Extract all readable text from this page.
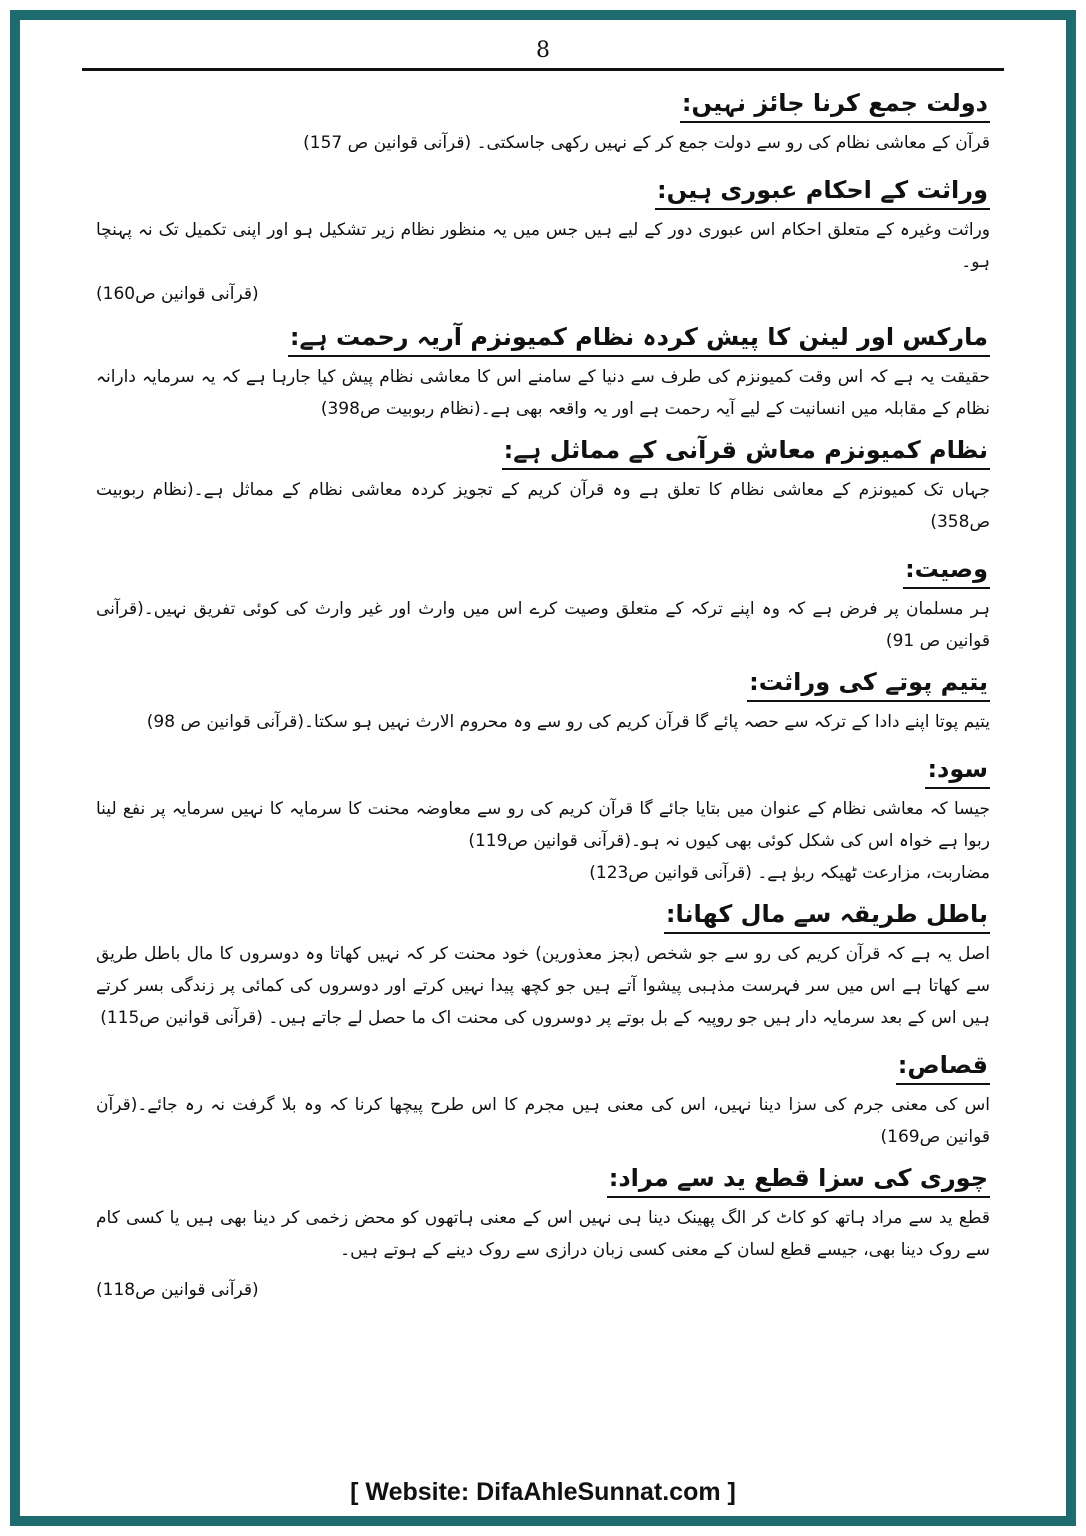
8
دولت جمع کرنا جائز نہیں:

قرآن کے معاشی نظام کی رو سے دولت جمع کر کے نہیں رکھی جاسکتی۔ (قرآنی قوانین ص 157)

وراثت کے احکام عبوری ہیں:

وراثت وغیرہ کے متعلق احکام اس عبوری دور کے لیے ہیں جس میں یہ منظور نظام زیر تشکیل ہو اور اپنی تکمیل تک نہ پہنچا ہو۔

(قرآنی قوانین ص160)

مارکس اور لینن کا پیش کردہ نظام کمیونزم آریہ رحمت ہے:

حقیقت یہ ہے کہ اس وقت کمیونزم کی طرف سے دنیا کے سامنے اس کا معاشی نظام پیش کیا جارہا ہے کہ یہ سرمایہ دارانہ نظام کے مقابلہ میں انسانیت کے لیے آیہ رحمت ہے اور یہ واقعہ بھی ہے۔(نظام ربوبیت ص398)

نظام کمیونزم معاش قرآنی کے مماثل ہے:

جہاں تک کمیونزم کے معاشی نظام کا تعلق ہے وہ قرآن کریم کے تجویز کردہ معاشی نظام کے مماثل ہے۔(نظام ربوبیت ص358)

وصیت:

ہر مسلمان پر فرض ہے کہ وہ اپنے ترکہ کے متعلق وصیت کرے اس میں وارث اور غیر وارث کی کوئی تفریق نہیں۔(قرآنی قوانین ص 91)

یتیم پوتے کی وراثت:

یتیم پوتا اپنے دادا کے ترکہ سے حصہ پائے گا قرآن کریم کی رو سے وہ محروم الارث نہیں ہو سکتا۔(قرآنی قوانین ص 98)

سود:

جیسا کہ معاشی نظام کے عنوان میں بتایا جائے گا قرآن کریم کی رو سے معاوضہ محنت کا سرمایہ کا نہیں سرمایہ پر نفع لینا ربوا ہے خواہ اس کی شکل کوئی بھی کیوں نہ ہو۔(قرآنی قوانین ص119)

مضاربت، مزارعت ٹھیکہ ربوٰ ہے۔ (قرآنی قوانین ص123)

باطل طریقہ سے مال کھانا:

اصل یہ ہے کہ قرآن کریم کی رو سے جو شخص (بجز معذورین) خود محنت کر کہ نہیں کھاتا وہ دوسروں کا مال باطل طریق سے کھاتا ہے اس میں سر فہرست مذہبی پیشوا آتے ہیں جو کچھ پیدا نہیں کرتے اور دوسروں کی کمائی پر زندگی بسر کرتے ہیں اس کے بعد سرمایہ دار ہیں جو روپیہ کے بل بوتے پر دوسروں کی محنت اک ما حصل لے جاتے ہیں۔ (قرآنی قوانین ص115)

قصاص:

اس کی معنی جرم کی سزا دینا نہیں، اس کی معنی ہیں مجرم کا اس طرح پیچھا کرنا کہ وہ بلا گرفت نہ رہ جائے۔(قرآن قوانین ص169)

چوری کی سزا قطع ید سے مراد:

قطع ید سے مراد ہاتھ کو کاٹ کر الگ پھینک دینا ہی نہیں اس کے معنی ہاتھوں کو محض زخمی کر دینا بھی ہیں یا کسی کام سے روک دینا بھی، جیسے قطع لسان کے معنی کسی زبان درازی سے روک دینے کے ہوتے ہیں۔

(قرآنی قوانین ص118)

[ Website: DifaAhleSunnat.com ]
